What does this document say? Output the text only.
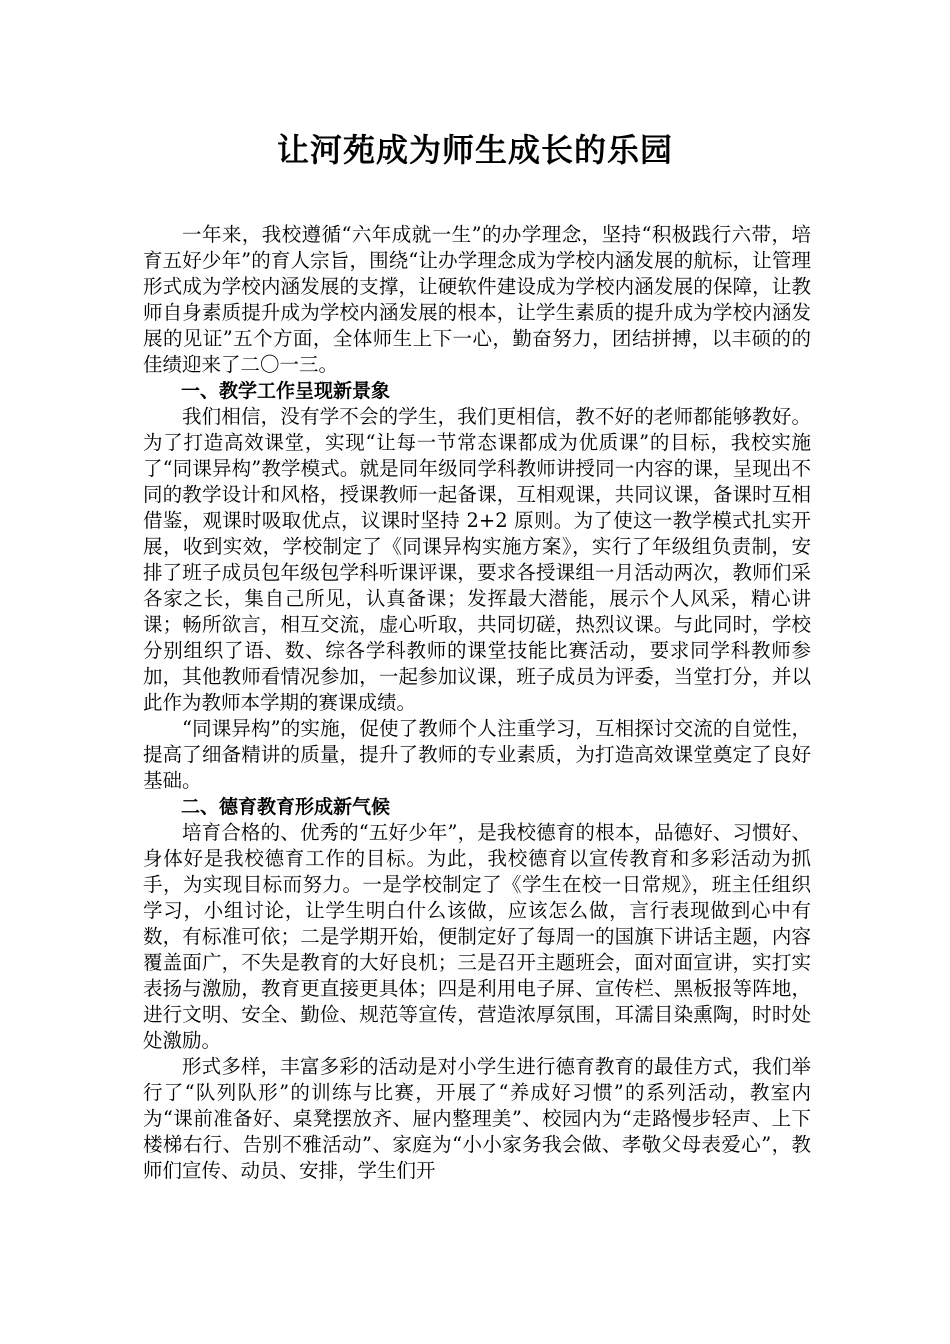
让河苑成为师生成长的乐园

一年来，我校遵循“六年成就一生”的办学理念，坚持“积极践行六带，培育五好少年”的育人宗旨，围绕“让办学理念成为学校内涵发展的航标，让管理形式成为学校内涵发展的支撑，让硬软件建设成为学校内涵发展的保障，让教师自身素质提升成为学校内涵发展的根本，让学生素质的提升成为学校内涵发展的见证”五个方面，全体师生上下一心，勤奋努力，团结拼搏，以丰硕的的佳绩迎来了二〇一三。

一、教学工作呈现新景象

我们相信，没有学不会的学生，我们更相信，教不好的老师都能够教好。为了打造高效课堂，实现“让每一节常态课都成为优质课”的目标，我校实施了“同课异构”教学模式。就是同年级同学科教师讲授同一内容的课，呈现出不同的教学设计和风格，授课教师一起备课，互相观课，共同议课，备课时互相借鉴，观课时吸取优点，议课时坚持 2+2 原则。为了使这一教学模式扎实开展，收到实效，学校制定了《同课异构实施方案》，实行了年级组负责制，安排了班子成员包年级包学科听课评课，要求各授课组一月活动两次，教师们采各家之长，集自己所见，认真备课；发挥最大潜能，展示个人风采，精心讲课；畅所欲言，相互交流，虚心听取，共同切磋，热烈议课。与此同时，学校分别组织了语、数、综各学科教师的课堂技能比赛活动，要求同学科教师参加，其他教师看情况参加，一起参加议课，班子成员为评委，当堂打分，并以此作为教师本学期的赛课成绩。

“同课异构”的实施，促使了教师个人注重学习，互相探讨交流的自觉性，提高了细备精讲的质量，提升了教师的专业素质，为打造高效课堂奠定了良好基础。

二、德育教育形成新气候

培育合格的、优秀的“五好少年”，是我校德育的根本，品德好、习惯好、身体好是我校德育工作的目标。为此，我校德育以宣传教育和多彩活动为抓手，为实现目标而努力。一是学校制定了《学生在校一日常规》，班主任组织学习，小组讨论，让学生明白什么该做，应该怎么做，言行表现做到心中有数，有标准可依；二是学期开始，便制定好了每周一的国旗下讲话主题，内容覆盖面广，不失是教育的大好良机；三是召开主题班会，面对面宣讲，实打实表扬与激励，教育更直接更具体；四是利用电子屏、宣传栏、黑板报等阵地，进行文明、安全、勤俭、规范等宣传，营造浓厚氛围，耳濡目染熏陶，时时处处激励。

形式多样，丰富多彩的活动是对小学生进行德育教育的最佳方式，我们举行了“队列队形”的训练与比赛，开展了“养成好习惯”的系列活动，教室内为“课前准备好、桌凳摆放齐、屉内整理美”、校园内为“走路慢步轻声、上下楼梯右行、告别不雅活动”、家庭为“小小家务我会做、孝敬父母表爱心”，教师们宣传、动员、安排，学生们开
